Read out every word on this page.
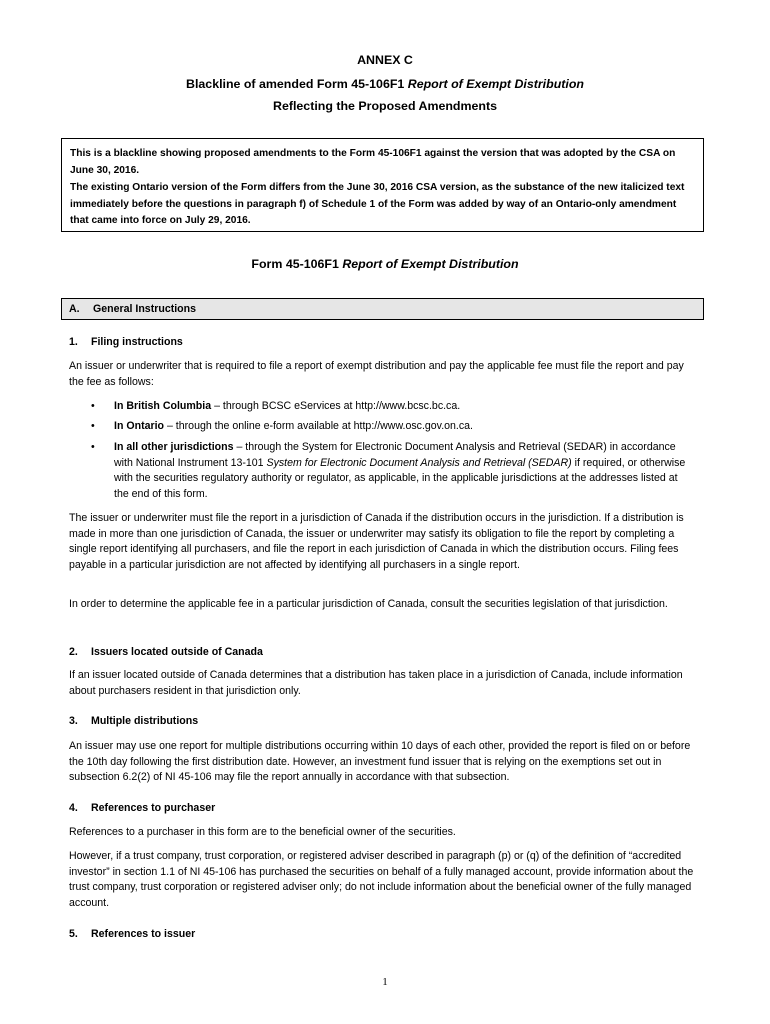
ANNEX C
Blackline of amended Form 45-106F1 Report of Exempt Distribution
Reflecting the Proposed Amendments

This is a blackline showing proposed amendments to the Form 45-106F1 against the version that was adopted by the CSA on June 30, 2016.

The existing Ontario version of the Form differs from the June 30, 2016 CSA version, as the substance of the new italicized text immediately before the questions in paragraph f) of Schedule 1 of the Form was added by way of an Ontario-only amendment that came into force on July 29, 2016.

Form 45-106F1 Report of Exempt Distribution
A. General Instructions
1. Filing instructions

An issuer or underwriter that is required to file a report of exempt distribution and pay the applicable fee must file the report and pay the fee as follows:

• In British Columbia – through BCSC eServices at http://www.bcsc.bc.ca.
• In Ontario – through the online e-form available at http://www.osc.gov.on.ca.
• In all other jurisdictions – through the System for Electronic Document Analysis and Retrieval (SEDAR) in accordance with National Instrument 13-101 System for Electronic Document Analysis and Retrieval (SEDAR) if required, or otherwise with the securities regulatory authority or regulator, as applicable, in the applicable jurisdictions at the addresses listed at the end of this form.

The issuer or underwriter must file the report in a jurisdiction of Canada if the distribution occurs in the jurisdiction. If a distribution is made in more than one jurisdiction of Canada, the issuer or underwriter may satisfy its obligation to file the report by completing a single report identifying all purchasers, and file the report in each jurisdiction of Canada in which the distribution occurs. Filing fees payable in a particular jurisdiction are not affected by identifying all purchasers in a single report.

In order to determine the applicable fee in a particular jurisdiction of Canada, consult the securities legislation of that jurisdiction.

2. Issuers located outside of Canada

If an issuer located outside of Canada determines that a distribution has taken place in a jurisdiction of Canada, include information about purchasers resident in that jurisdiction only.

3. Multiple distributions

An issuer may use one report for multiple distributions occurring within 10 days of each other, provided the report is filed on or before the 10th day following the first distribution date. However, an investment fund issuer that is relying on the exemptions set out in subsection 6.2(2) of NI 45-106 may file the report annually in accordance with that subsection.

4. References to purchaser

References to a purchaser in this form are to the beneficial owner of the securities.

However, if a trust company, trust corporation, or registered adviser described in paragraph (p) or (q) of the definition of “accredited investor” in section 1.1 of NI 45-106 has purchased the securities on behalf of a fully managed account, provide information about the trust company, trust corporation or registered adviser only; do not include information about the beneficial owner of the fully managed account.

5. References to issuer
1
